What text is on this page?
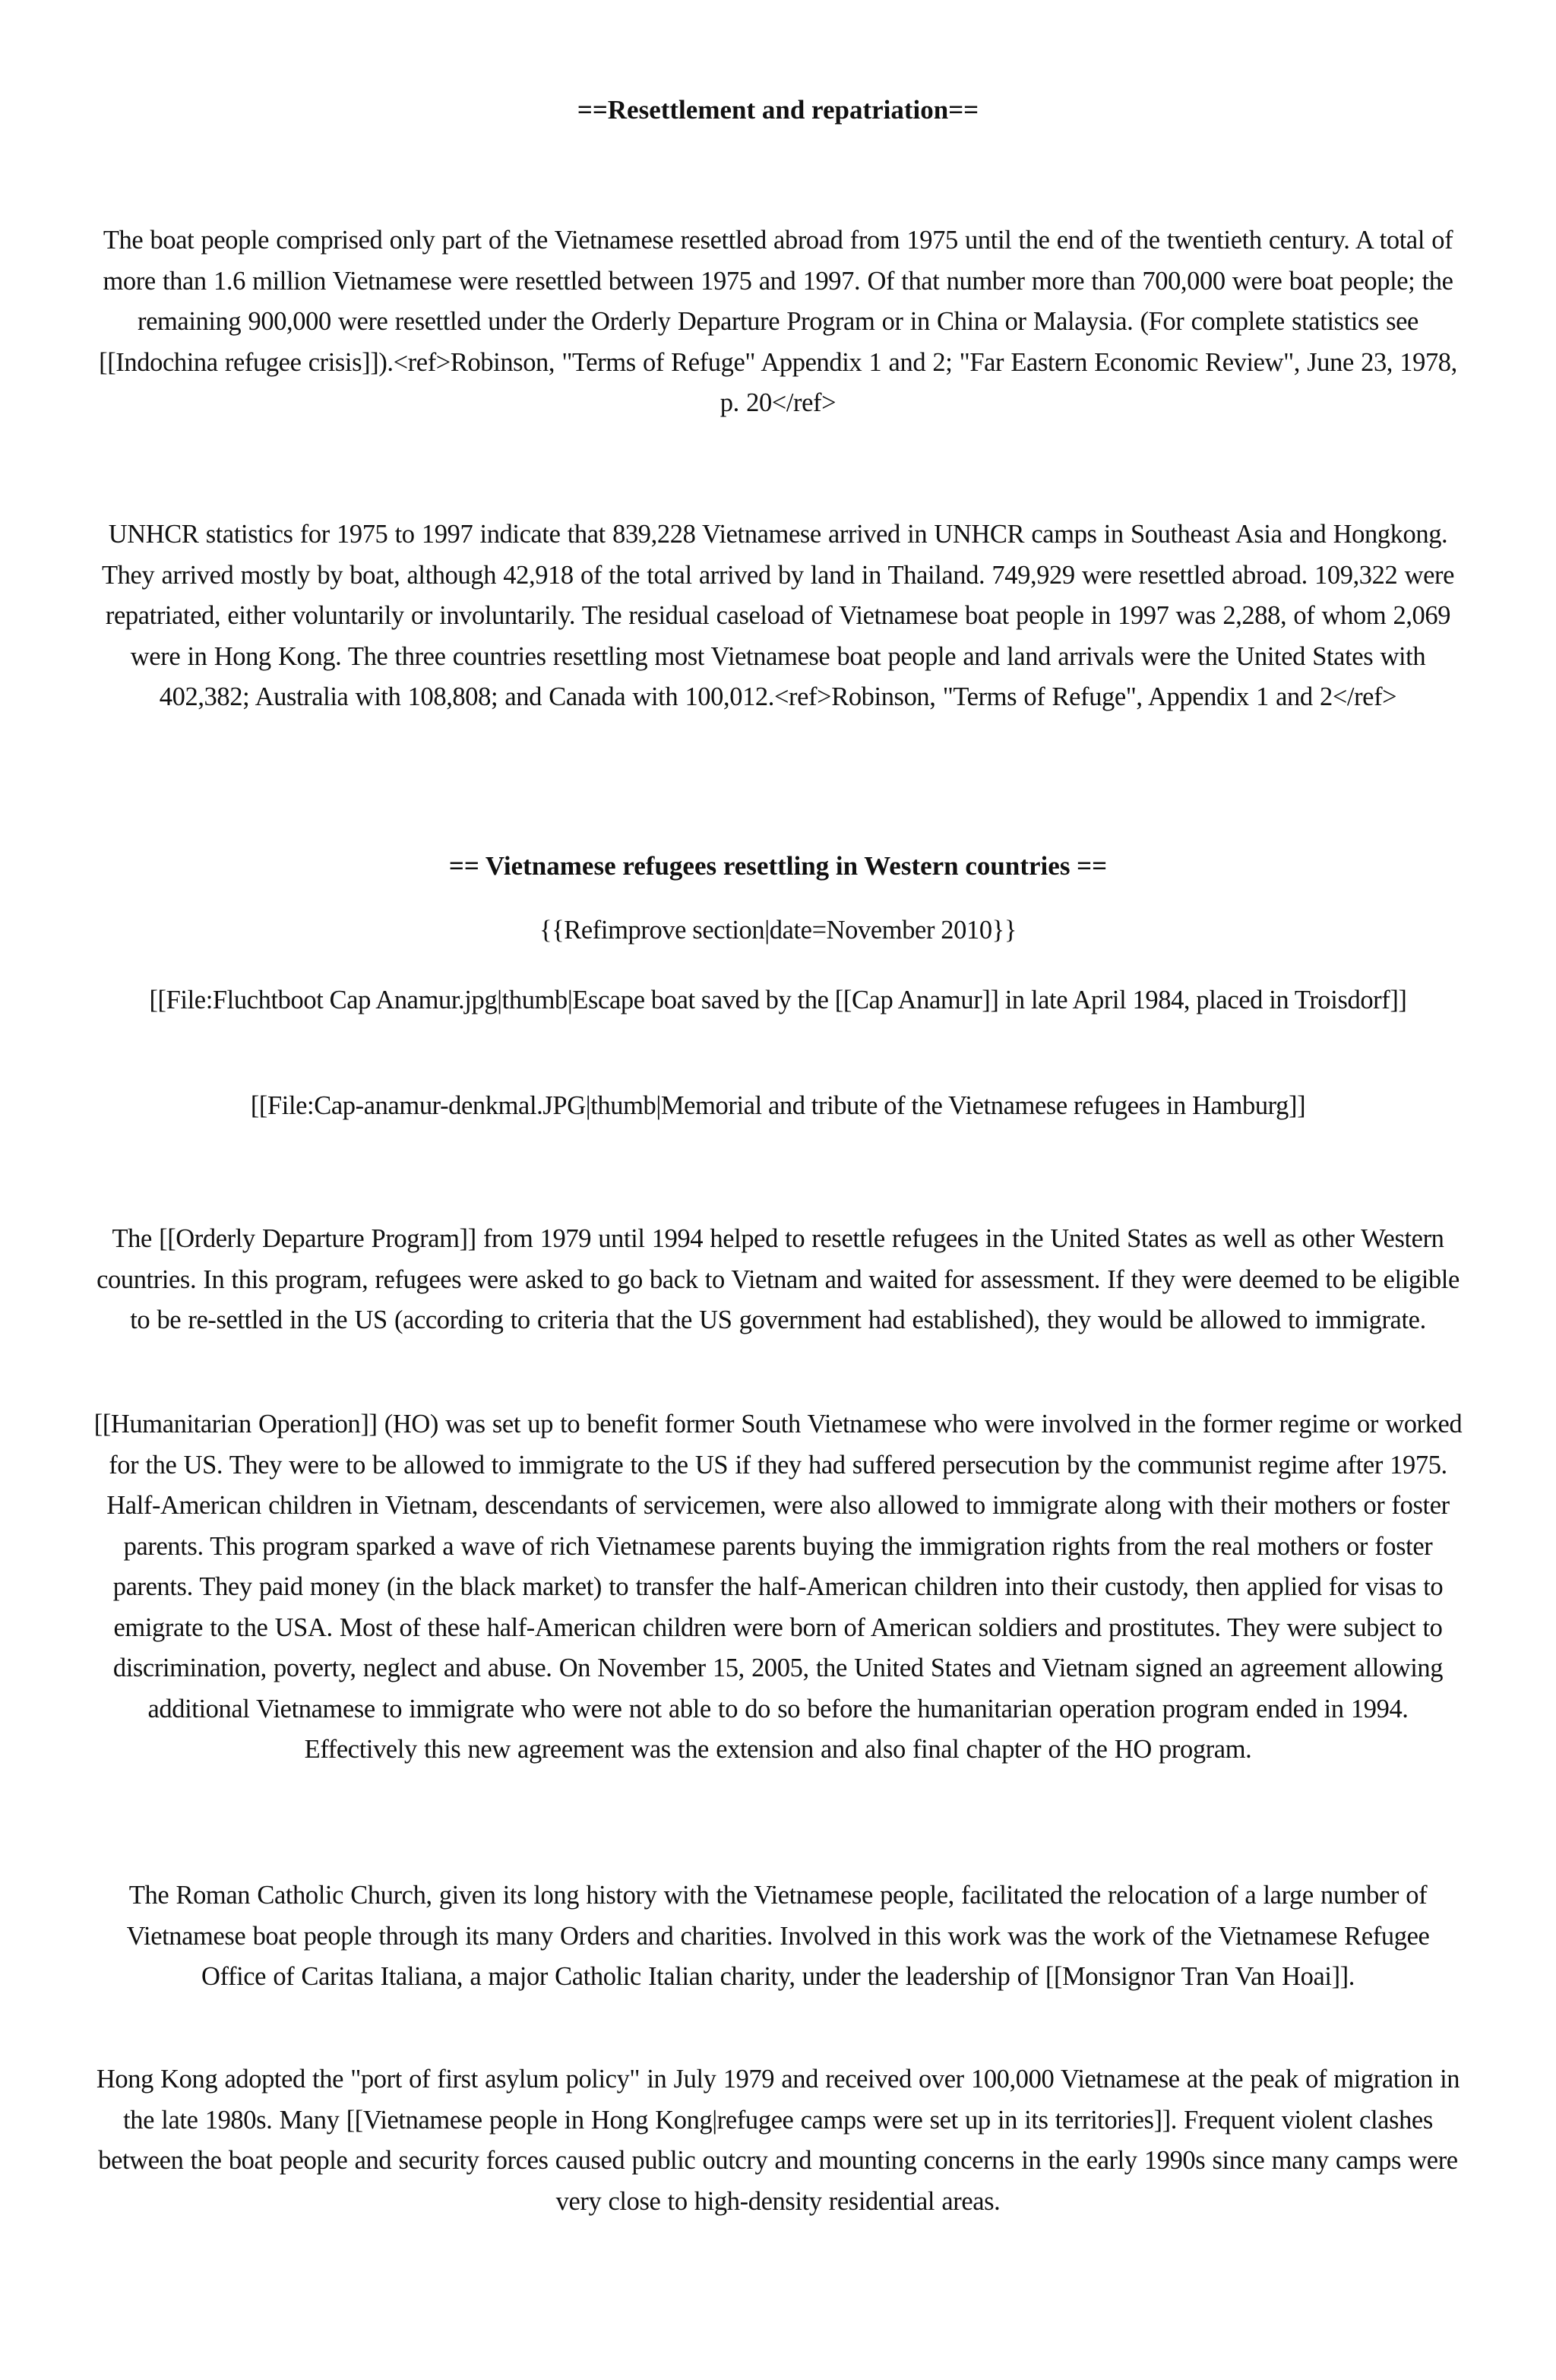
==Resettlement and repatriation==

The boat people comprised only part of the Vietnamese resettled abroad from 1975 until the end of the twentieth century. A total of more than 1.6 million Vietnamese were resettled between 1975 and 1997. Of that number more than 700,000 were boat people; the remaining 900,000 were resettled under the Orderly Departure Program or in China or Malaysia. (For complete statistics see [[Indochina refugee crisis]]).<ref>Robinson, "Terms of Refuge" Appendix 1 and 2; "Far Eastern Economic Review", June 23, 1978, p. 20</ref>

UNHCR statistics for 1975 to 1997 indicate that 839,228 Vietnamese arrived in UNHCR camps in Southeast Asia and Hongkong. They arrived mostly by boat, although 42,918 of the total arrived by land in Thailand. 749,929 were resettled abroad. 109,322 were repatriated, either voluntarily or involuntarily. The residual caseload of Vietnamese boat people in 1997 was 2,288, of whom 2,069 were in Hong Kong. The three countries resettling most Vietnamese boat people and land arrivals were the United States with 402,382; Australia with 108,808; and Canada with 100,012.<ref>Robinson, "Terms of Refuge", Appendix 1 and 2</ref>

== Vietnamese refugees resettling in Western countries ==

{{Refimprove section|date=November 2010}}

[[File:Fluchtboot Cap Anamur.jpg|thumb|Escape boat saved by the [[Cap Anamur]] in late April 1984, placed in Troisdorf]]

[[File:Cap-anamur-denkmal.JPG|thumb|Memorial and tribute of the Vietnamese refugees in Hamburg]]

The [[Orderly Departure Program]] from 1979 until 1994 helped to resettle refugees in the United States as well as other Western countries. In this program, refugees were asked to go back to Vietnam and waited for assessment. If they were deemed to be eligible to be re-settled in the US (according to criteria that the US government had established), they would be allowed to immigrate.

[[Humanitarian Operation]] (HO) was set up to benefit former South Vietnamese who were involved in the former regime or worked for the US. They were to be allowed to immigrate to the US if they had suffered persecution by the communist regime after 1975. Half-American children in Vietnam, descendants of servicemen, were also allowed to immigrate along with their mothers or foster parents. This program sparked a wave of rich Vietnamese parents buying the immigration rights from the real mothers or foster parents. They paid money (in the black market) to transfer the half-American children into their custody, then applied for visas to emigrate to the USA. Most of these half-American children were born of American soldiers and prostitutes. They were subject to discrimination, poverty, neglect and abuse. On November 15, 2005, the United States and Vietnam signed an agreement allowing additional Vietnamese to immigrate who were not able to do so before the humanitarian operation program ended in 1994. Effectively this new agreement was the extension and also final chapter of the HO program.

The Roman Catholic Church, given its long history with the Vietnamese people, facilitated the relocation of a large number of Vietnamese boat people through its many Orders and charities. Involved in this work was the work of the Vietnamese Refugee Office of Caritas Italiana, a major Catholic Italian charity, under the leadership of [[Monsignor Tran Van Hoai]].

Hong Kong adopted the "port of first asylum policy" in July 1979 and received over 100,000 Vietnamese at the peak of migration in the late 1980s. Many [[Vietnamese people in Hong Kong|refugee camps were set up in its territories]]. Frequent violent clashes between the boat people and security forces caused public outcry and mounting concerns in the early 1990s since many camps were very close to high-density residential areas.
